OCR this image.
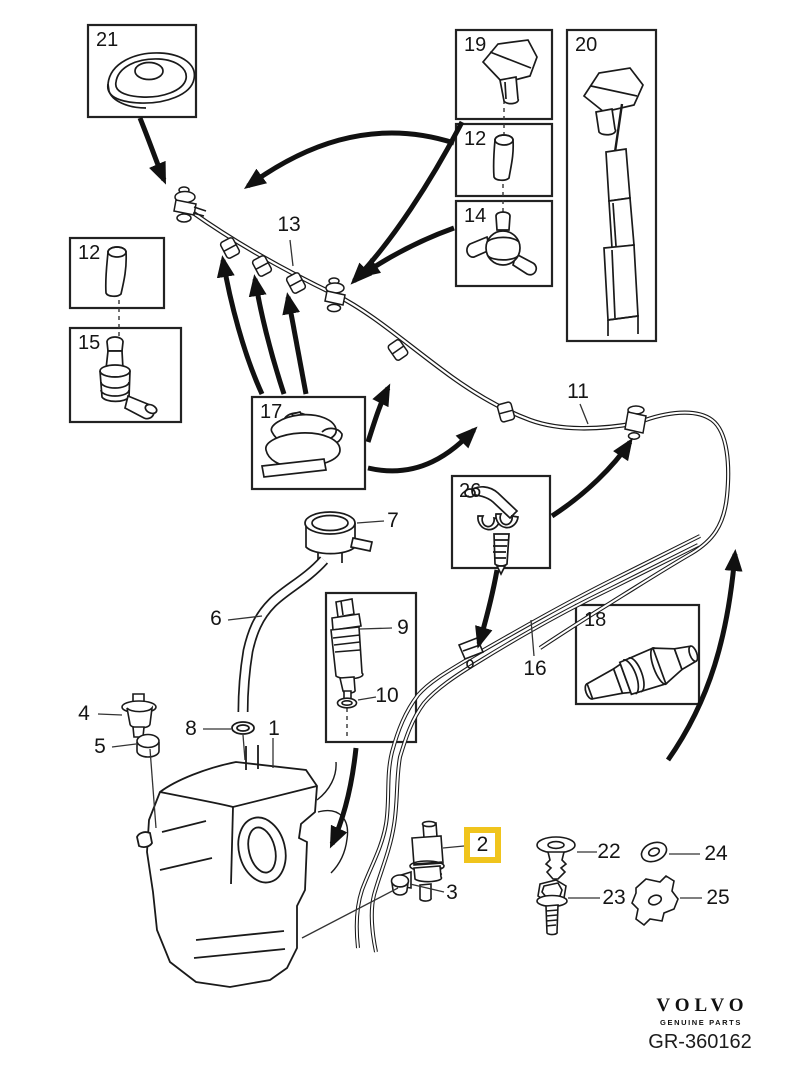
21	19
12
14
20
12
15
17
26
18
13
11
7
6	9
10
4
5
8	1
16
3
22
23
24
25
2
VOLVO
GENUINE PARTS
GR-360162
